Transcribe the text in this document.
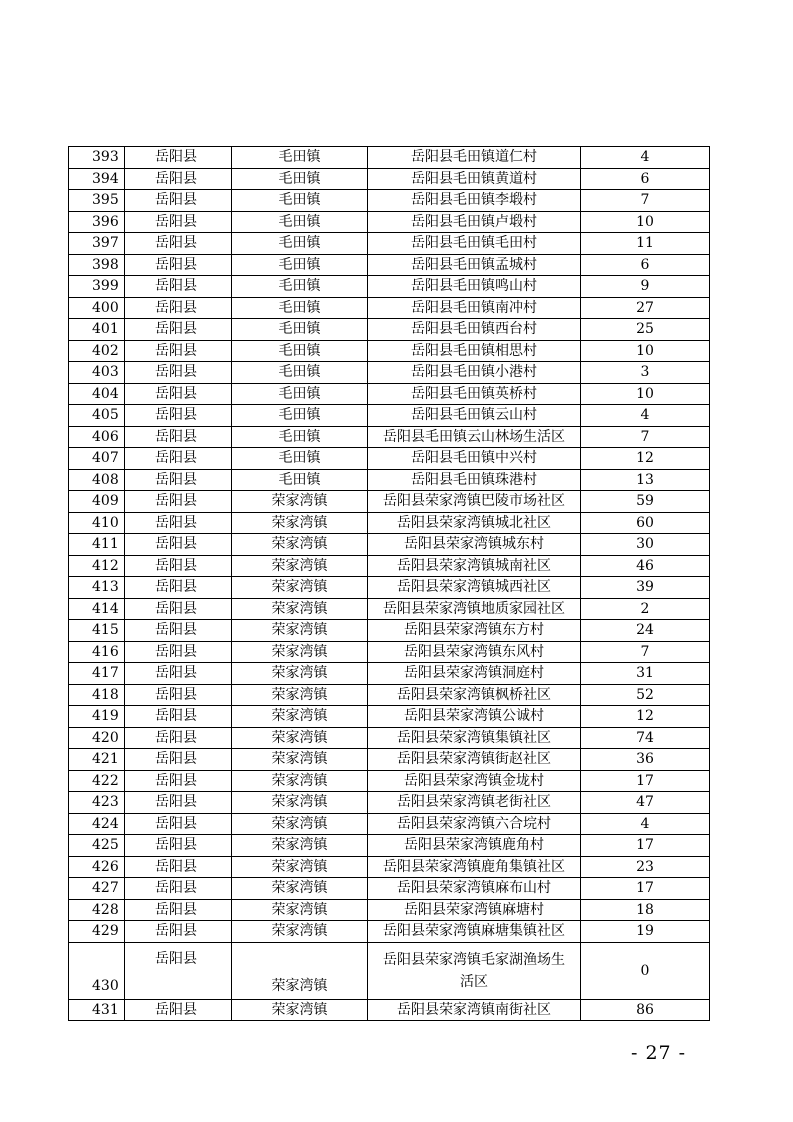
393	岳阳县	毛田镇	岳阳县毛田镇道仁村	4
394	岳阳县	毛田镇	岳阳县毛田镇黄道村	6
395	岳阳县	毛田镇	岳阳县毛田镇李塅村	7
396	岳阳县	毛田镇	岳阳县毛田镇卢塅村	10
397	岳阳县	毛田镇	岳阳县毛田镇毛田村	11
398	岳阳县	毛田镇	岳阳县毛田镇孟城村	6
399	岳阳县	毛田镇	岳阳县毛田镇鸣山村	9
400	岳阳县	毛田镇	岳阳县毛田镇南冲村	27
401	岳阳县	毛田镇	岳阳县毛田镇西台村	25
402	岳阳县	毛田镇	岳阳县毛田镇相思村	10
403	岳阳县	毛田镇	岳阳县毛田镇小港村	3
404	岳阳县	毛田镇	岳阳县毛田镇英桥村	10
405	岳阳县	毛田镇	岳阳县毛田镇云山村	4
406	岳阳县	毛田镇	岳阳县毛田镇云山林场生活区	7
407	岳阳县	毛田镇	岳阳县毛田镇中兴村	12
408	岳阳县	毛田镇	岳阳县毛田镇珠港村	13
409	岳阳县	荣家湾镇	岳阳县荣家湾镇巴陵市场社区	59
410	岳阳县	荣家湾镇	岳阳县荣家湾镇城北社区	60
411	岳阳县	荣家湾镇	岳阳县荣家湾镇城东村	30
412	岳阳县	荣家湾镇	岳阳县荣家湾镇城南社区	46
413	岳阳县	荣家湾镇	岳阳县荣家湾镇城西社区	39
414	岳阳县	荣家湾镇	岳阳县荣家湾镇地质家园社区	2
415	岳阳县	荣家湾镇	岳阳县荣家湾镇东方村	24
416	岳阳县	荣家湾镇	岳阳县荣家湾镇东风村	7
417	岳阳县	荣家湾镇	岳阳县荣家湾镇洞庭村	31
418	岳阳县	荣家湾镇	岳阳县荣家湾镇枫桥社区	52
419	岳阳县	荣家湾镇	岳阳县荣家湾镇公诚村	12
420	岳阳县	荣家湾镇	岳阳县荣家湾镇集镇社区	74
421	岳阳县	荣家湾镇	岳阳县荣家湾镇街赵社区	36
422	岳阳县	荣家湾镇	岳阳县荣家湾镇金垅村	17
423	岳阳县	荣家湾镇	岳阳县荣家湾镇老街社区	47
424	岳阳县	荣家湾镇	岳阳县荣家湾镇六合垸村	4
425	岳阳县	荣家湾镇	岳阳县荣家湾镇鹿角村	17
426	岳阳县	荣家湾镇	岳阳县荣家湾镇鹿角集镇社区	23
427	岳阳县	荣家湾镇	岳阳县荣家湾镇麻布山村	17
428	岳阳县	荣家湾镇	岳阳县荣家湾镇麻塘村	18
429	岳阳县	荣家湾镇	岳阳县荣家湾镇麻塘集镇社区	19
430	岳阳县	荣家湾镇	岳阳县荣家湾镇毛家湖渔场生活区	0
431	岳阳县	荣家湾镇	岳阳县荣家湾镇南街社区	86
- 27 -
